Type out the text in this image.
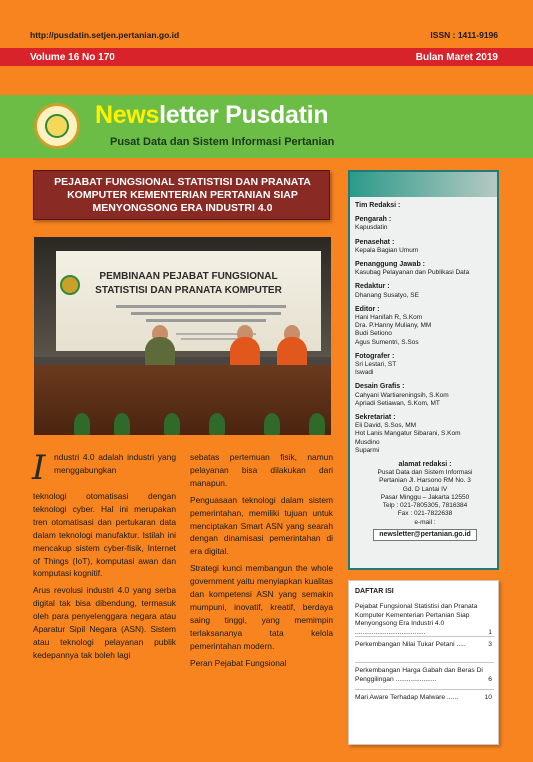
http://pusdatin.setjen.pertanian.go.id	ISSN : 1411-9196
Volume 16 No 170	Bulan Maret 2019
Newsletter Pusdatin
Pusat Data dan Sistem Informasi Pertanian
PEJABAT FUNGSIONAL STATISTISI DAN PRANATA KOMPUTER KEMENTERIAN PERTANIAN SIAP MENYONGSONG ERA INDUSTRI 4.0
PEMBINAAN PEJABAT FUNGSIONAL
STATISTISI DAN PRANATA KOMPUTER
I ndustri 4.0 adalah industri yang menggabungkan

teknologi otomatisasi dengan teknologi cyber. Hal ini merupakan tren otomatisasi dan pertukaran data dalam teknologi manufaktur. Istilah ini mencakup sistem cyber-fisik, Internet of Things (IoT), komputasi awan dan komputasi kognitif.

Arus revolusi industri 4.0 yang serba digital tak bisa dibendung, termasuk oleh para penyelenggara negara atau Aparatur Sipil Negara (ASN). Sistem atau teknologi pelayanan publik kedepannya tak boleh lagi

sebatas pertemuan fisik, namun pelayanan bisa dilakukan dari manapun.

Penguasaan teknologi dalam sistem pemerintahan, memiliki tujuan untuk menciptakan Smart ASN yang searah dengan dinamisasi pemerintahan di era digital.

Strategi kunci membangun the whole government yaitu menyiapkan kualitas dan kompetensi ASN yang semakin mumpuni, inovatif, kreatif, berdaya saing tinggi, yang memimpin terlaksananya tata kelola pemerintahan modern.

Peran Pejabat Fungsional

Tim Redaksi :
Pengarah :
Kapusdatin
Penasehat :
Kepala Bagian Umum
Penanggung Jawab :
Kasubag Pelayanan dan Publikasi Data
Redaktur :
Dhanang Susatyo, SE
Editor :
Hani Hanifah R, S.Kom
Dra. P.Hanny Muliany, MM
Budi Setiono
Agus Sumentri, S.Sos
Fotografer :
Sri Lestari, ST
Iswadi
Desain Grafis :
Cahyani Wartiareningsih, S.Kom
Apriadi Setiawan, S.Kom, MT
Sekretariat :
Eli David, S.Sos, MM
Hot Lanis Mangatur Sibarani, S.Kom
Musdino
Suparmi
alamat redaksi :
Pusat Data dan Sistem Informasi
Pertanian Jl. Harsono RM No. 3
Gd. D Lantai IV
Pasar Minggu – Jakarta 12550
Telp : 021-7805305, 7816384
Fax : 021-7822638
e-mail :
newsletter@pertanian.go.id
DAFTAR ISI
Pejabat Fungsional Statistisi dan Pranata Komputer Kementerian Pertanian Siap Menyongsong Era Industri 4.0 ......................................	1
Perkembangan Nilai Tukar Petani .....	3
Perkembangan Harga Gabah dan Beras Di Penggilingan ......................	6
Mari Aware Terhadap Malware ......	10
